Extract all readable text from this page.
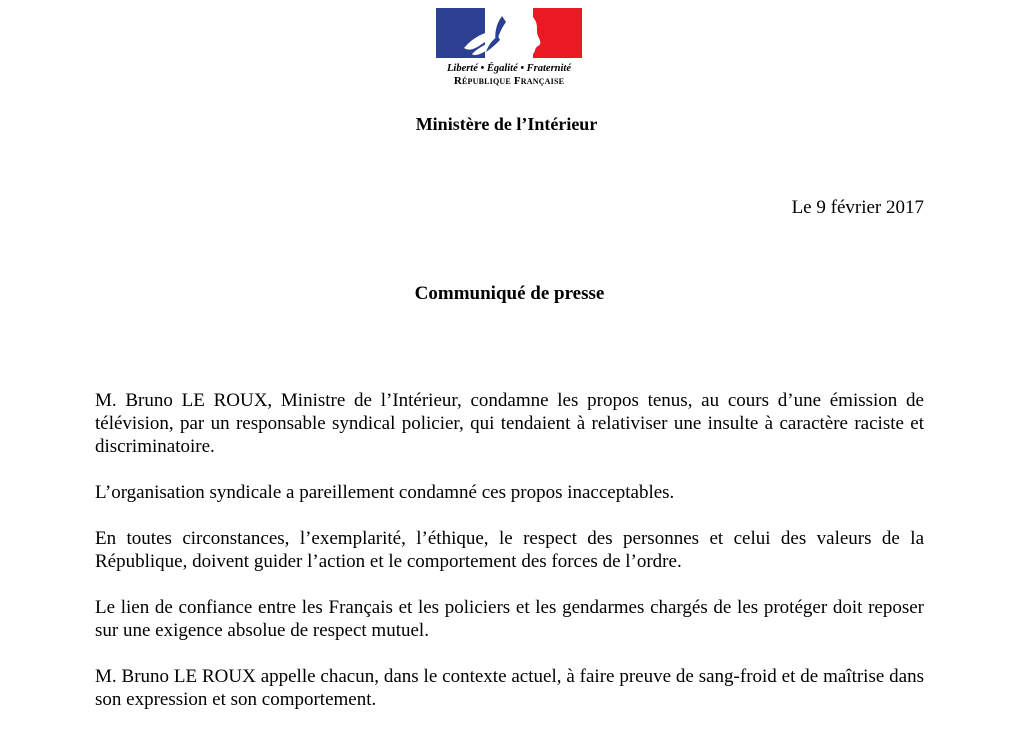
Liberté • Égalité • Fraternité
République Française
Ministère de l’Intérieur
Le 9 février 2017
Communiqué de presse

M. Bruno LE ROUX, Ministre de l’Intérieur, condamne les propos tenus, au cours d’une émission de télévision, par un responsable syndical policier, qui tendaient à relativiser une insulte à caractère raciste et discriminatoire.

L’organisation syndicale a pareillement condamné ces propos inacceptables.

En toutes circonstances, l’exemplarité, l’éthique, le respect des personnes et celui des valeurs de la République, doivent guider l’action et le comportement des forces de l’ordre.

Le lien de confiance entre les Français et les policiers et les gendarmes chargés de les protéger doit reposer sur une exigence absolue de respect mutuel.

M. Bruno LE ROUX appelle chacun, dans le contexte actuel, à faire preuve de sang-froid et de maîtrise dans son expression et son comportement.
